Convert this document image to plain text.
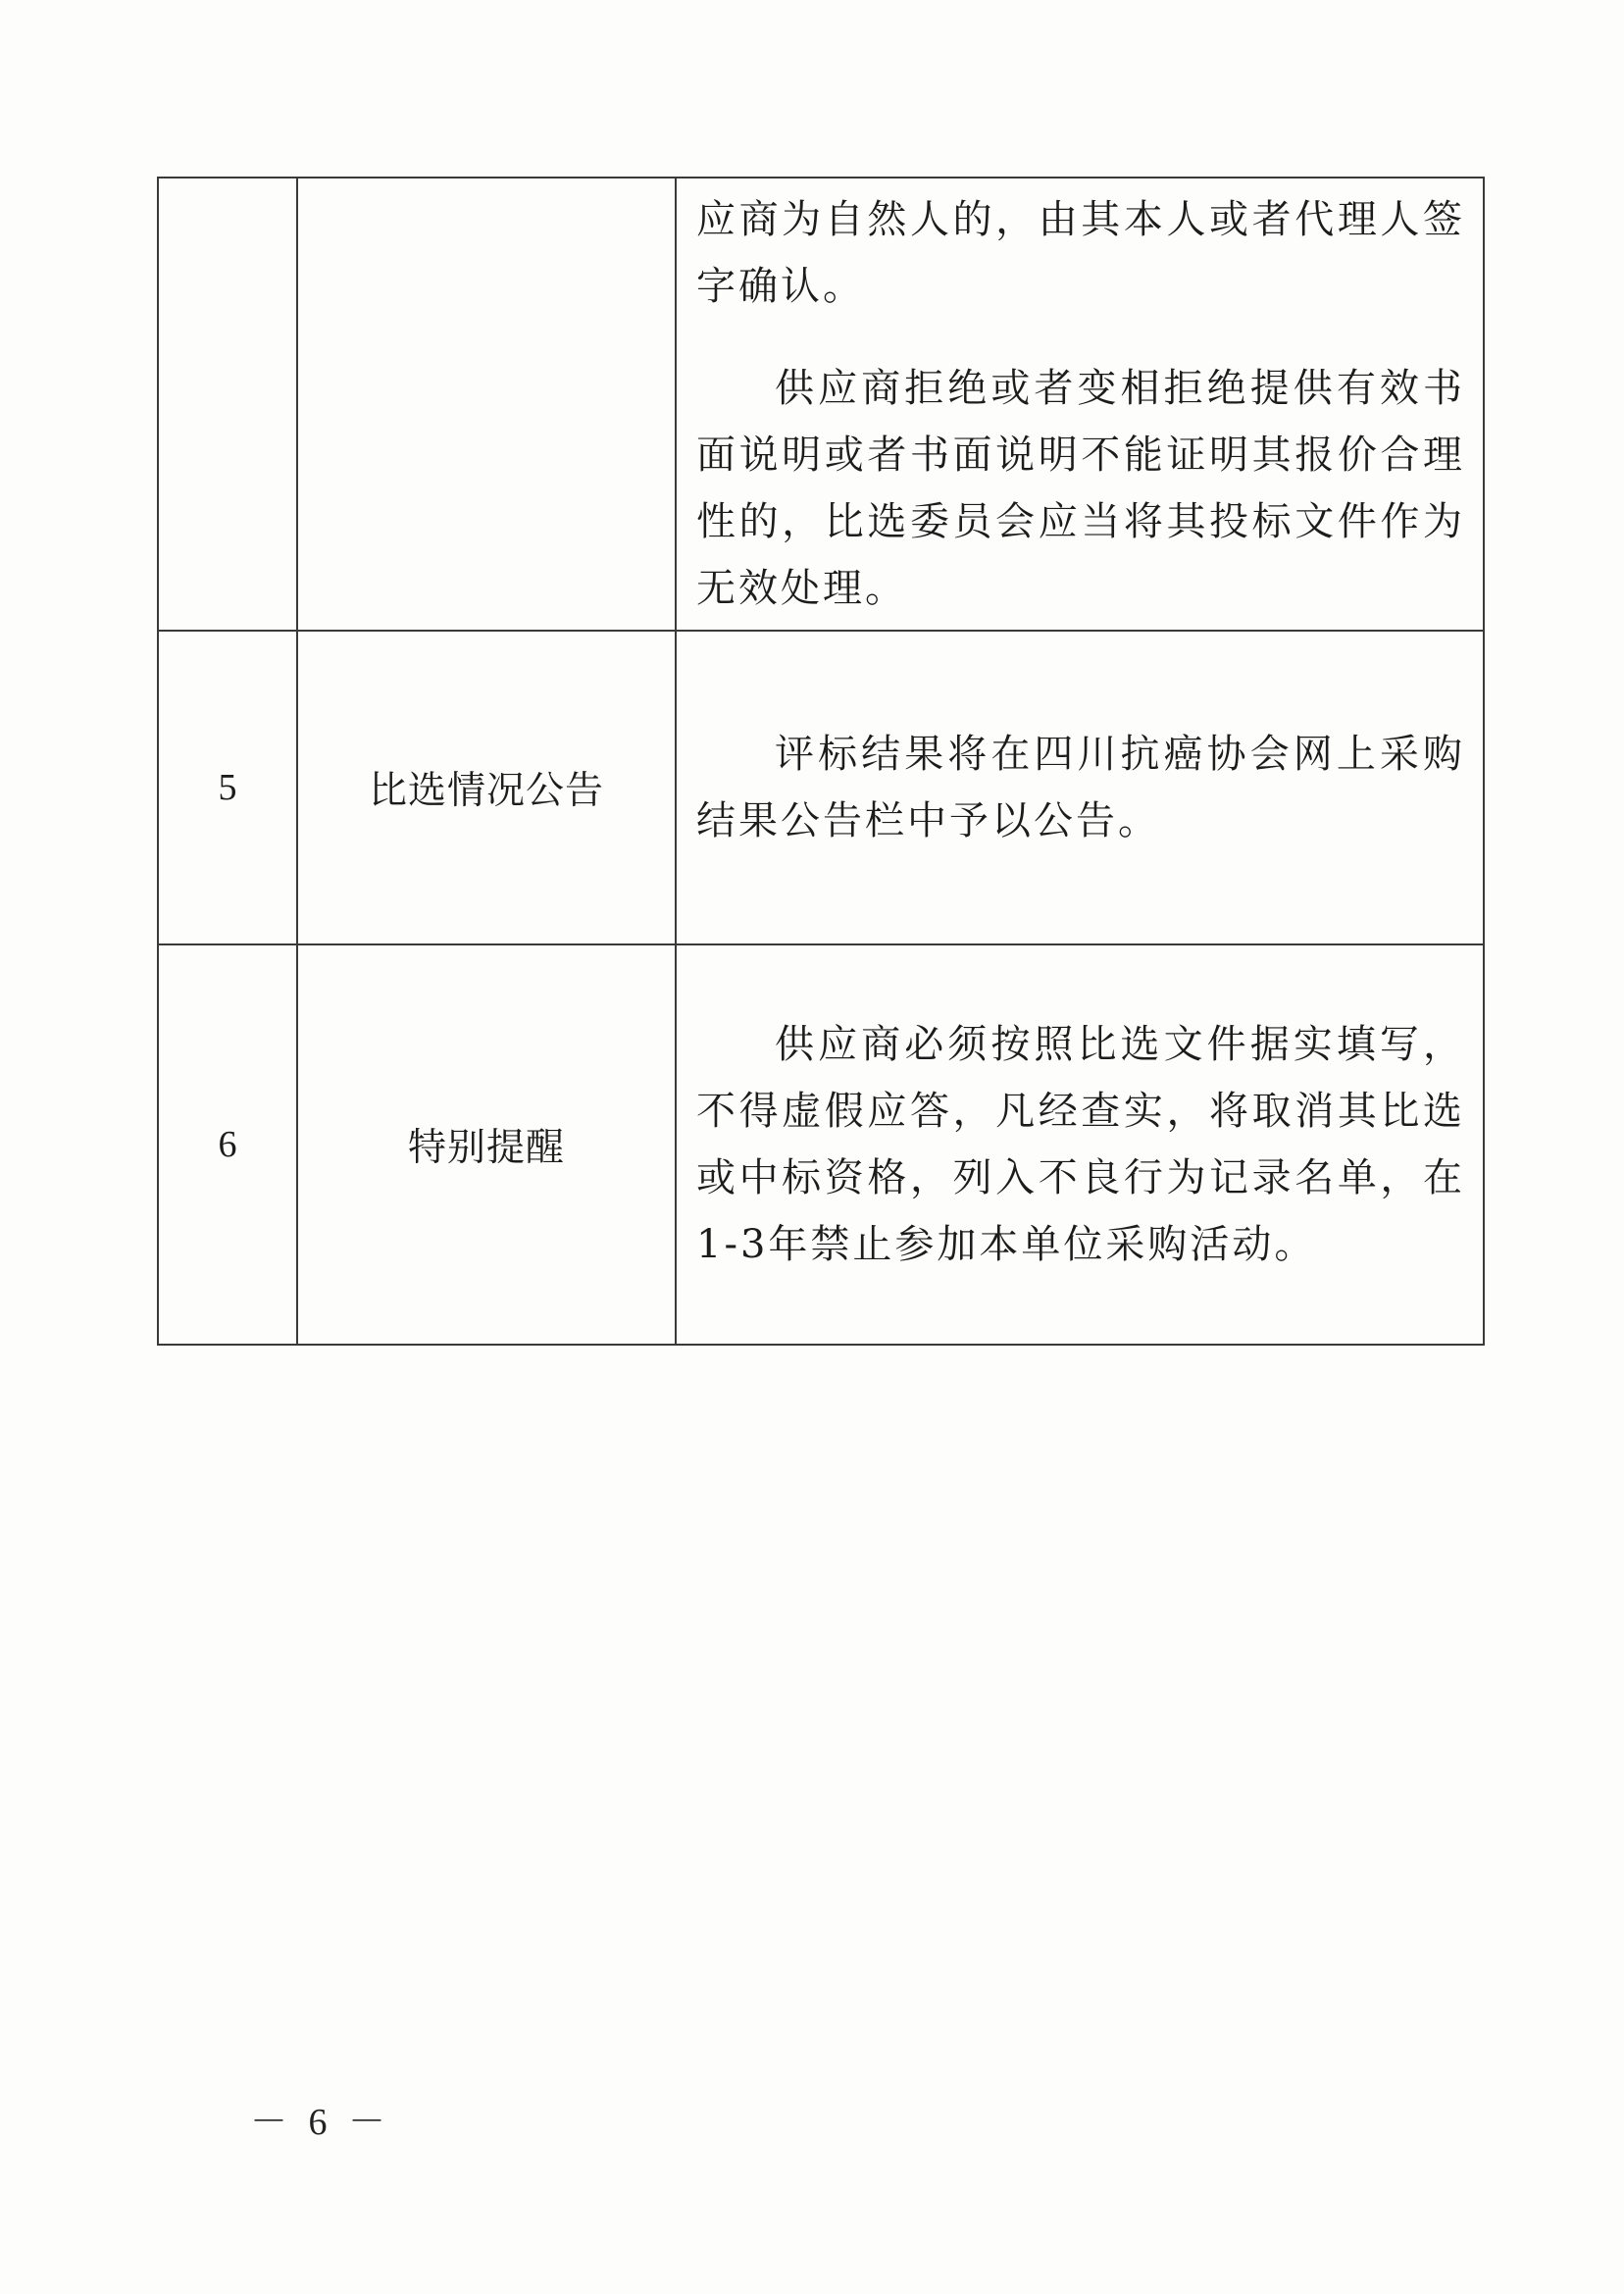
		应商为自然人的，由其本人或者代理人签字确认。

供应商拒绝或者变相拒绝提供有效书面说明或者书面说明不能证明其报价合理性的，比选委员会应当将其投标文件作为无效处理。

5	比选情况公告	评标结果将在四川抗癌协会网上采购结果公告栏中予以公告。

6	特别提醒	供应商必须按照比选文件据实填写，不得虚假应答，凡经查实，将取消其比选或中标资格，列入不良行为记录名单，在1-3年禁止参加本单位采购活动。

－ 6 －
